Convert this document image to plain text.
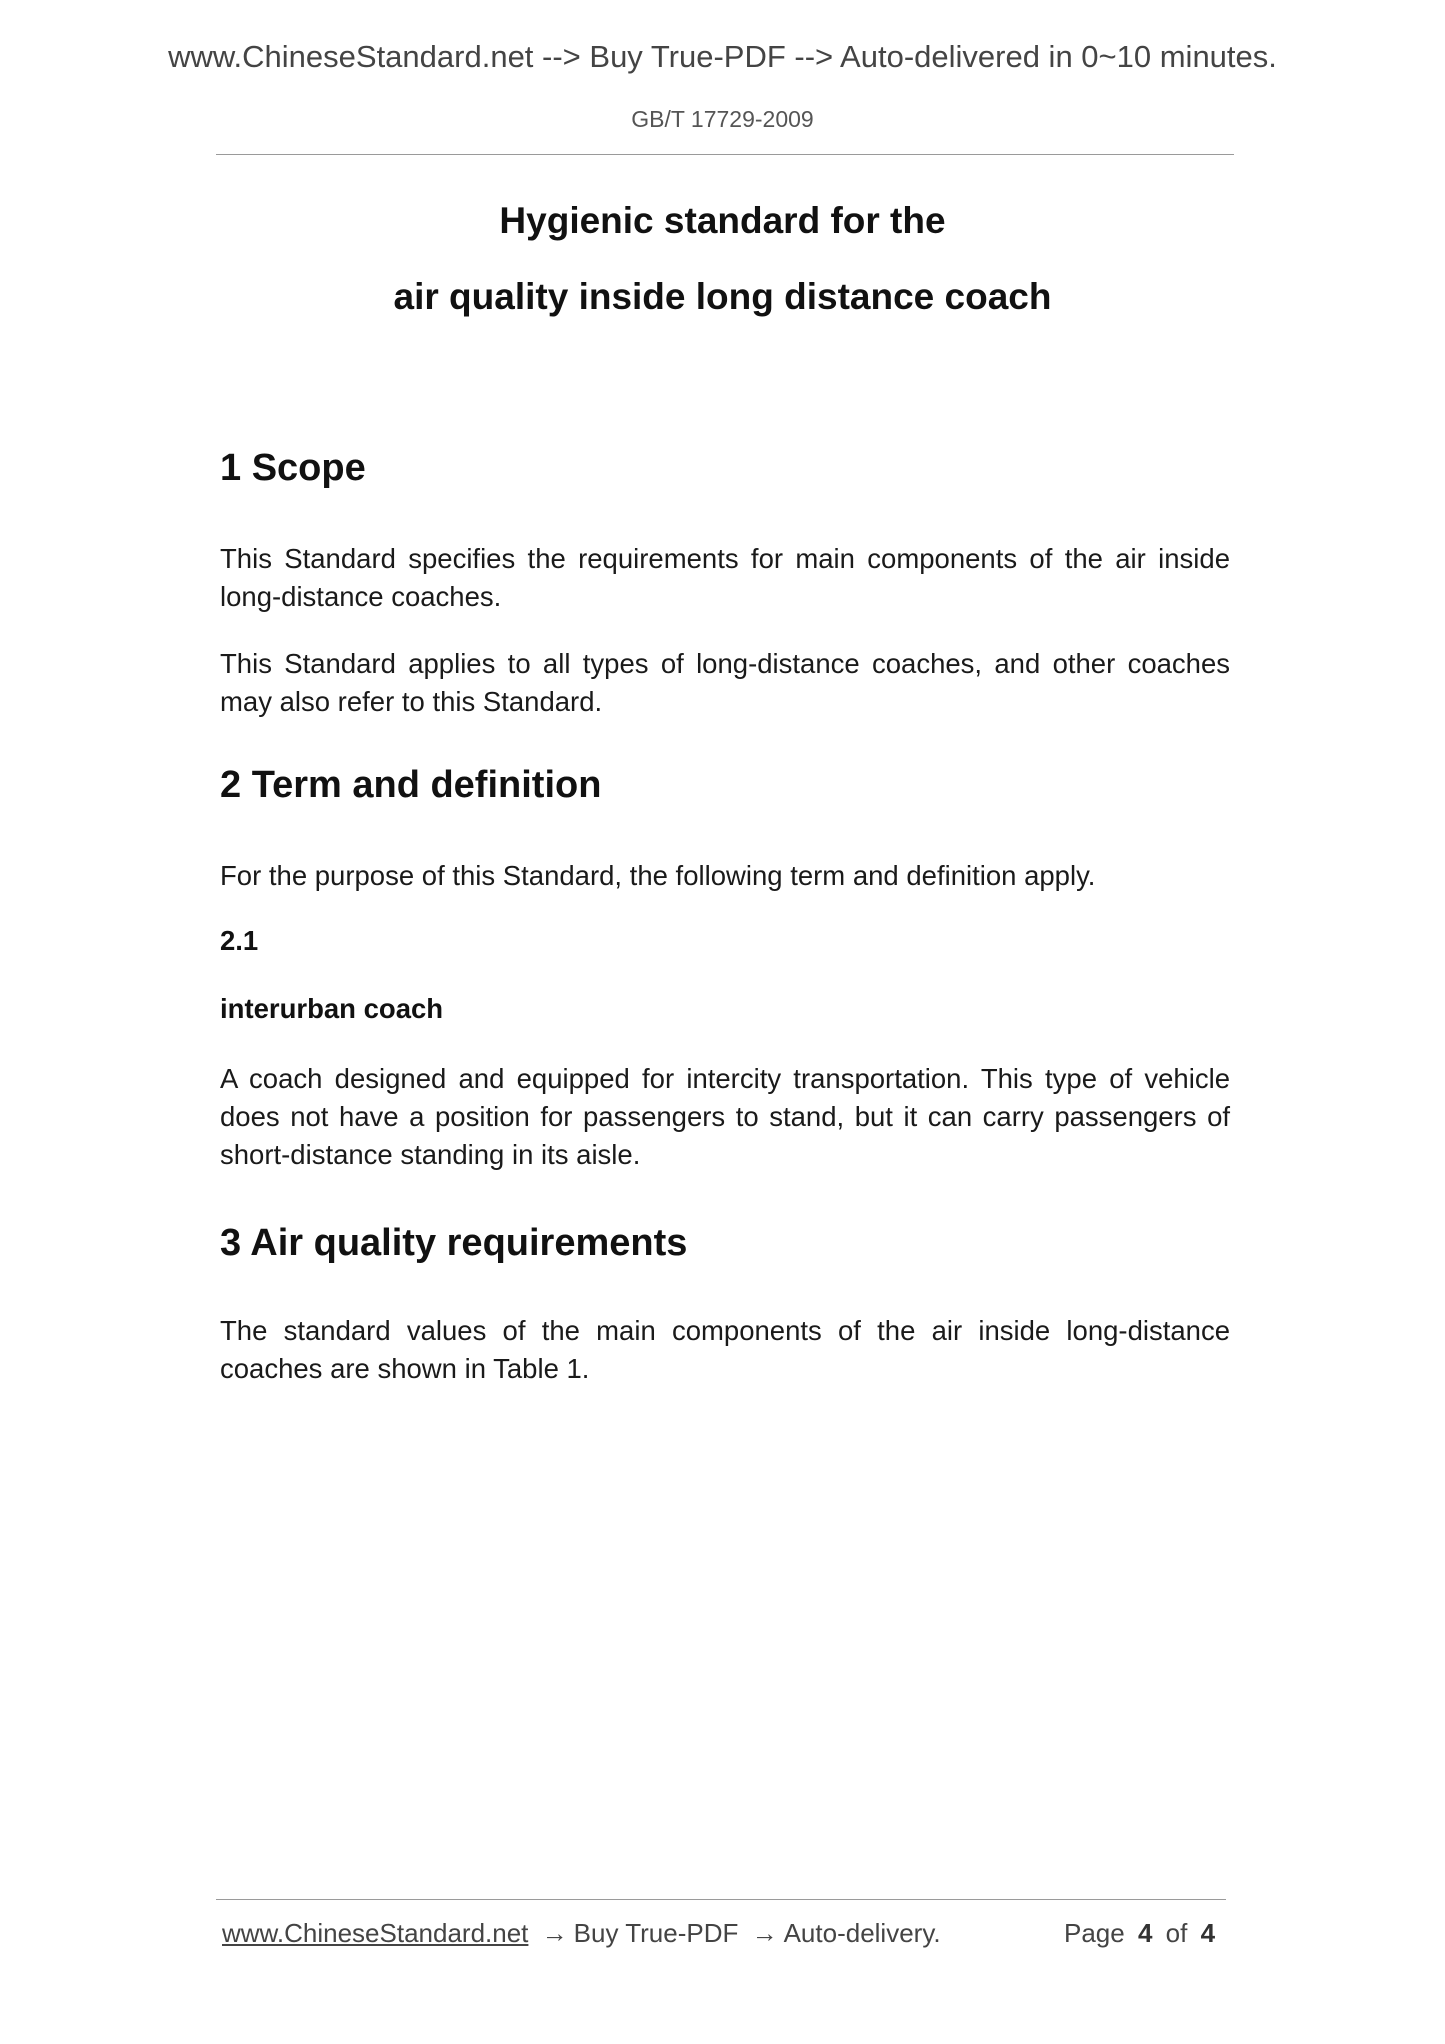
www.ChineseStandard.net --> Buy True-PDF --> Auto-delivered in 0~10 minutes.
GB/T 17729-2009
Hygienic standard for the
air quality inside long distance coach
1 Scope

This Standard specifies the requirements for main components of the air inside long-distance coaches.

This Standard applies to all types of long-distance coaches, and other coaches may also refer to this Standard.

2 Term and definition

For the purpose of this Standard, the following term and definition apply.

2.1

interurban coach

A coach designed and equipped for intercity transportation. This type of vehicle does not have a position for passengers to stand, but it can carry passengers of short-distance standing in its aisle.

3 Air quality requirements

The standard values of the main components of the air inside long-distance coaches are shown in Table 1.

www.ChineseStandard.net → Buy True-PDF → Auto-delivery.	Page 4 of 4
